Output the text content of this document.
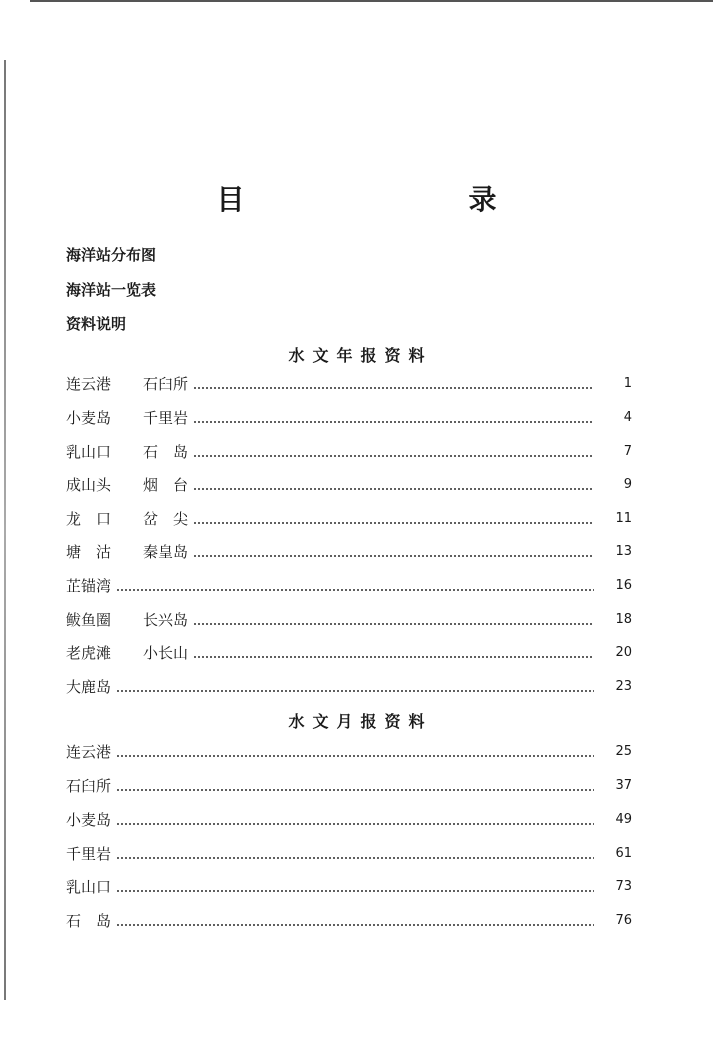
目　　录
海洋站分布图
海洋站一览表
资料说明
水文年报资料
连云港	石臼所	1
小麦岛	千里岩	4
乳山口	石　岛	7
成山头	烟　台	9
龙　口	岔　尖	11
塘　沽	秦皇岛	13
芷锚湾	16
鲅鱼圈	长兴岛	18
老虎滩	小长山	20
大鹿岛	23
水文月报资料
连云港	25
石臼所	37
小麦岛	49
千里岩	61
乳山口	73
石　岛	76
